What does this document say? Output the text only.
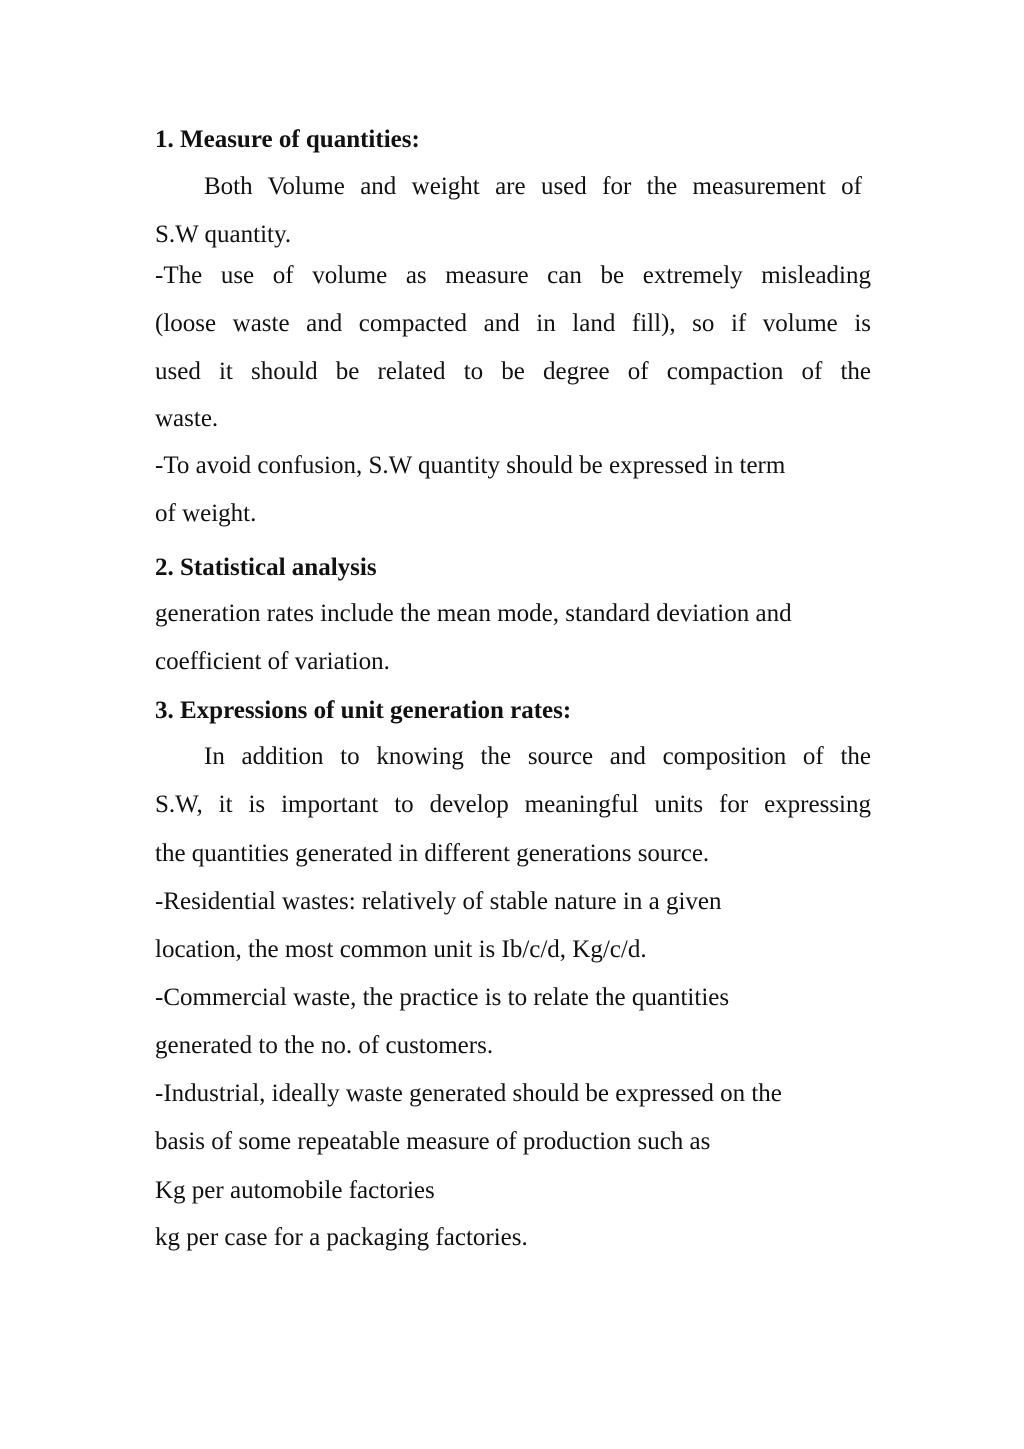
1. Measure of quantities:
Both Volume and weight are used for the measurement of
S.W quantity.
-The use of volume as measure can be extremely misleading
(loose waste and compacted and in land fill), so if volume is
used it should be related to be degree of compaction of the
waste.
-To avoid confusion, S.W quantity should be expressed in term
of weight.
2. Statistical analysis
generation rates include the mean mode, standard deviation and
coefficient of variation.
3. Expressions of unit generation rates:
In addition to knowing the source and composition of the
S.W, it is important to develop meaningful units for expressing
the quantities generated in different generations source.
-Residential wastes: relatively of stable nature in a given
location, the most common unit is Ib/c/d, Kg/c/d.
-Commercial waste, the practice is to relate the quantities
generated to the no. of customers.
-Industrial, ideally waste generated should be expressed on the
basis of some repeatable measure of production such as
Kg per automobile factories
kg per case for a packaging factories.
